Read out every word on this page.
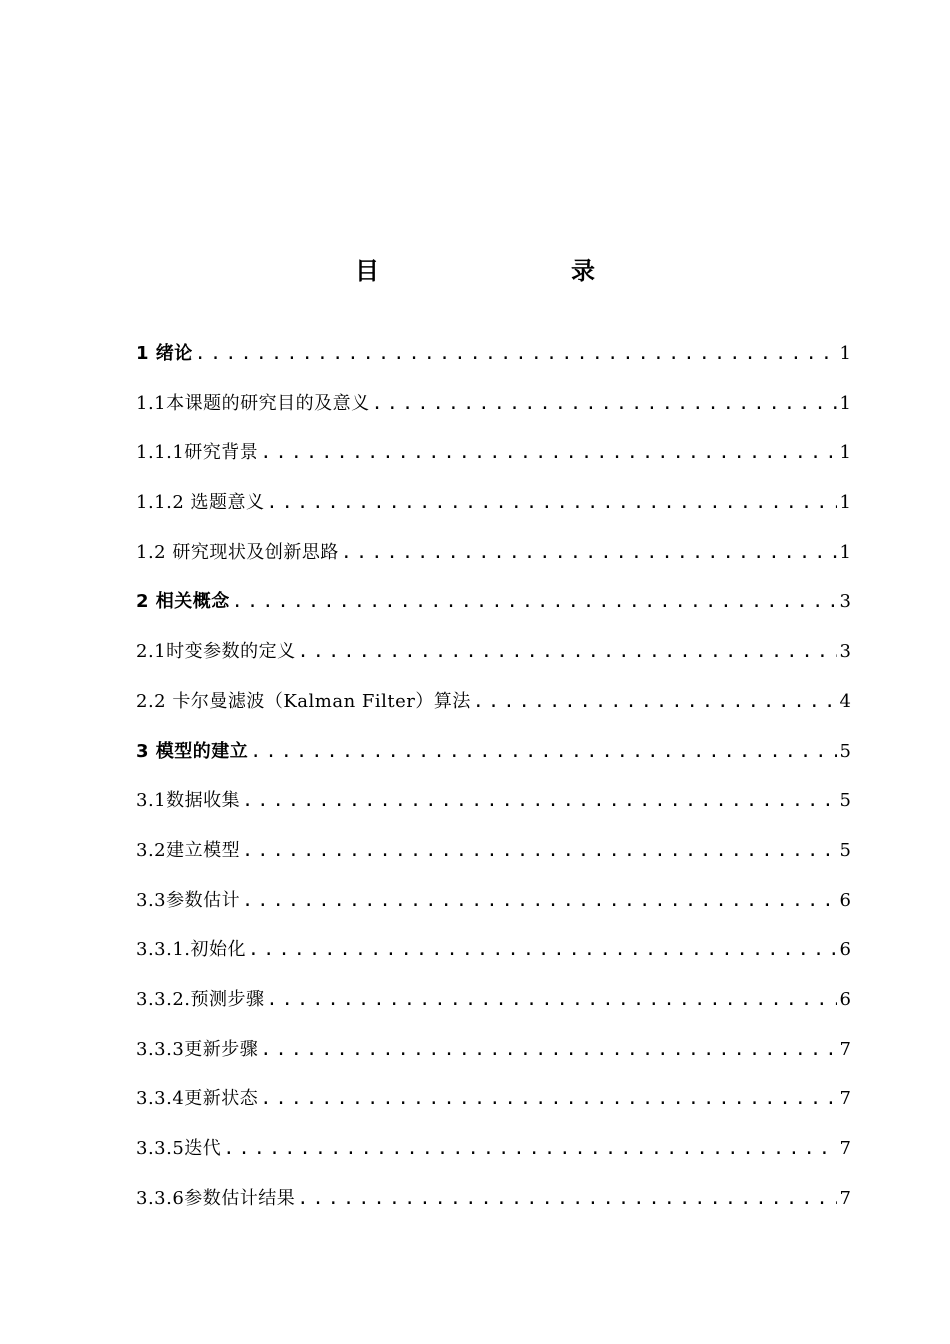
目　　录
1 绪论 . . .	1
1.1本课题的研究目的及意义 . . .	1
1.1.1研究背景 . . .	1
1.1.2 选题意义 . . .	1
1.2 研究现状及创新思路 . . .	1
2 相关概念 . . .	3
2.1时变参数的定义 . . .	3
2.2 卡尔曼滤波（Kalman Filter）算法 . . .	4
3 模型的建立 . . .	5
3.1数据收集 . . .	5
3.2建立模型 . . .	5
3.3参数估计 . . .	6
3.3.1.初始化 . . .	6
3.3.2.预测步骤 . . .	6
3.3.3更新步骤 . . .	7
3.3.4更新状态 . . .	7
3.3.5迭代 . . .	7
3.3.6参数估计结果 . . .	7
